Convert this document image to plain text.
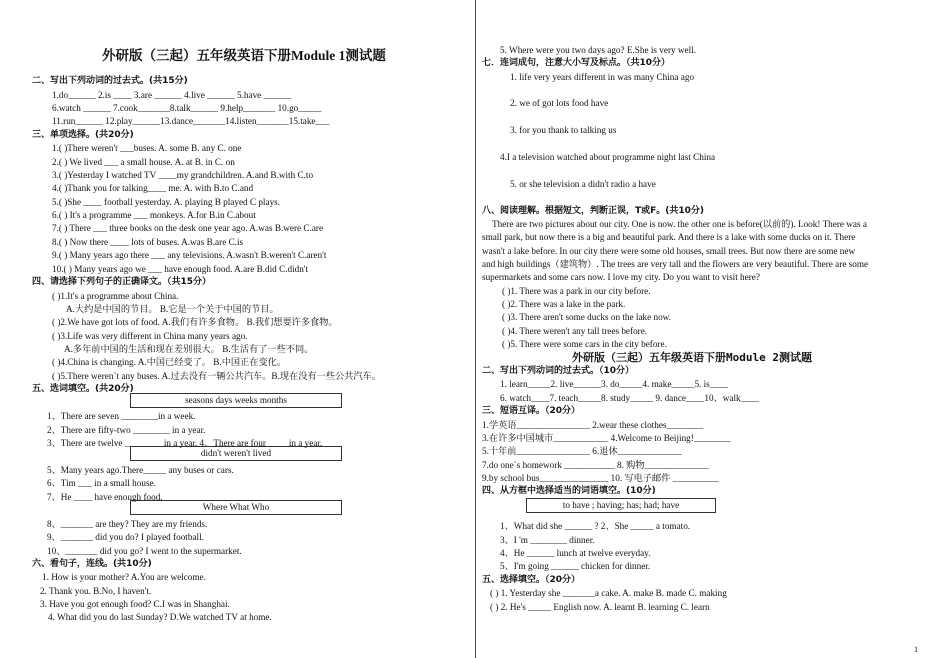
外研版（三起）五年级英语下册Module 1测试题
二、写出下列动词的过去式。(共15分)
1.do______ 2.is ____ 3.are ______ 4.live ______ 5.have ______
6.watch ______ 7.cook_______8.talk______ 9.help_______ 10.go_____
11.run______ 12.play______13.dance_______14.listen_______15.take___
三、单项选择。(共20分)
1.( )There weren't ___buses. A. some B. any C. one
2.( ) We lived ___ a small house. A. at B. in C. on
3.( )Yesterday I watched TV ____my grandchildren. A.and B.with C.to
4.( )Thank you for talking____ me. A. with B.to C.and
5.( )She ____ football yesterday. A. playing B played C plays.
6.( ) It's a programme ___ monkeys. A.for B.in C.about
7.( ) There ___ three books on the desk one year ago. A.was B.were C.are
8.( ) Now there ____ lots of buses. A.was B.are C.is
9.( ) Many years ago there ___ any televisions. A.wasn't B.weren't C.aren't
10.( ) Many years ago we ___ have enough food. A.are B.did C.didn't
四、请选择下列句子的正确译文。（共15分）
( )1.It's a programme about China.
A.大约是中国的节目。 B.它是一个关于中国的节目。
( )2.We have got lots of food. A.我们有许多食物。 B.我们想要许多食物。
( )3.Life was very different in China many years ago.
A.多年前中国的生活和现在差别很大。 B.生活有了一些不同。
( )4.China is changing. A.中国已经变了。 B.中国正在变化。
( )5.There weren`t any buses. A.过去没有一辆公共汽车。B.现在没有一些公共汽车。
五、选词填空。(共20分)
1、There are seven ________in a week.
2、There are fifty-two ________ in a year.
3、There are twelve ________ in a year. 4、There are four ____ in a year.
5、Many years ago.There_____ any buses or cars.
6、Tim ___ in a small house.
7、He ____ have enough food.
8、_______ are they? They are my friends.
9、_______ did you do? I played football.
10、_______ did you go? I went to the supermarket.
六、看句子，连线。(共10分)
1. How is your mother? A.You are welcome.
2. Thank you. B.No, I haven't.
3. Have you got enough food? C.I was in Shanghai.
4. What did you do last Sunday? D.We watched TV at home.
seasons days weeks months
didn't weren't lived
Where What Who
5. Where were you two days ago? E.She is very well.
七．连词成句，注意大小写及标点。（共10分）
1. life very years different in was many China ago
2. we of got lots food have
3. for you thank to talking us
4.I a television watched about programme night last China
5. or she television a didn't radio a have
八、阅读理解。根据短文，判断正误，T或F。(共10分)
There are two pictures about our city. One is now. the other one is before(以前的). Look! There was a
small park, but now there is a big and beautiful park. And there is a lake with some ducks on it. There
wasn't a lake before. In our city there were some old houses, small trees. But now there are some new
and high buildings（建筑物）. The trees are very tall and the flowers are very beautiful. There are some
supermarkets and some cars now. I love my city. Do you want to visit here?
( )1. There was a park in our city before.
( )2. There was a lake in the park.
( )3. There aren't some ducks on the lake now.
( )4. There weren't any tall trees before.
( )5. There were some cars in the city before.
外研版（三起）五年级英语下册Module 2测试题
二、写出下列动词的过去式。（10分）
1. learn_____2. live______3. do_____4. make_____5. is____
6. watch____7. teach_____8. study_____ 9. dance____10、walk____
三、短语互译。（20分）
1.学英语________________ 2.wear these clothes________
3.在许多中国城市____________ 4.Welcome to Beijing!________
5.十年前________________ 6.退休______________
7.do one`s homework ___________ 8. 购物______________
9.by school bus_______________ 10. 写电子邮件 __________
四、从方框中选择适当的词语填空。(10分)
1、What did she ______ ? 2、She _____ a tomato.
3、I 'm ________ dinner.
4、He ______ lunch at twelve everyday.
5、I'm going ______ chicken for dinner.
五、选择填空。（20分）
( ) 1. Yesterday she _______a cake. A. make B. made C. making
( ) 2. He's _____ English now. A. learnt B. learning C. learn
to have ; having; has; had; have
1
